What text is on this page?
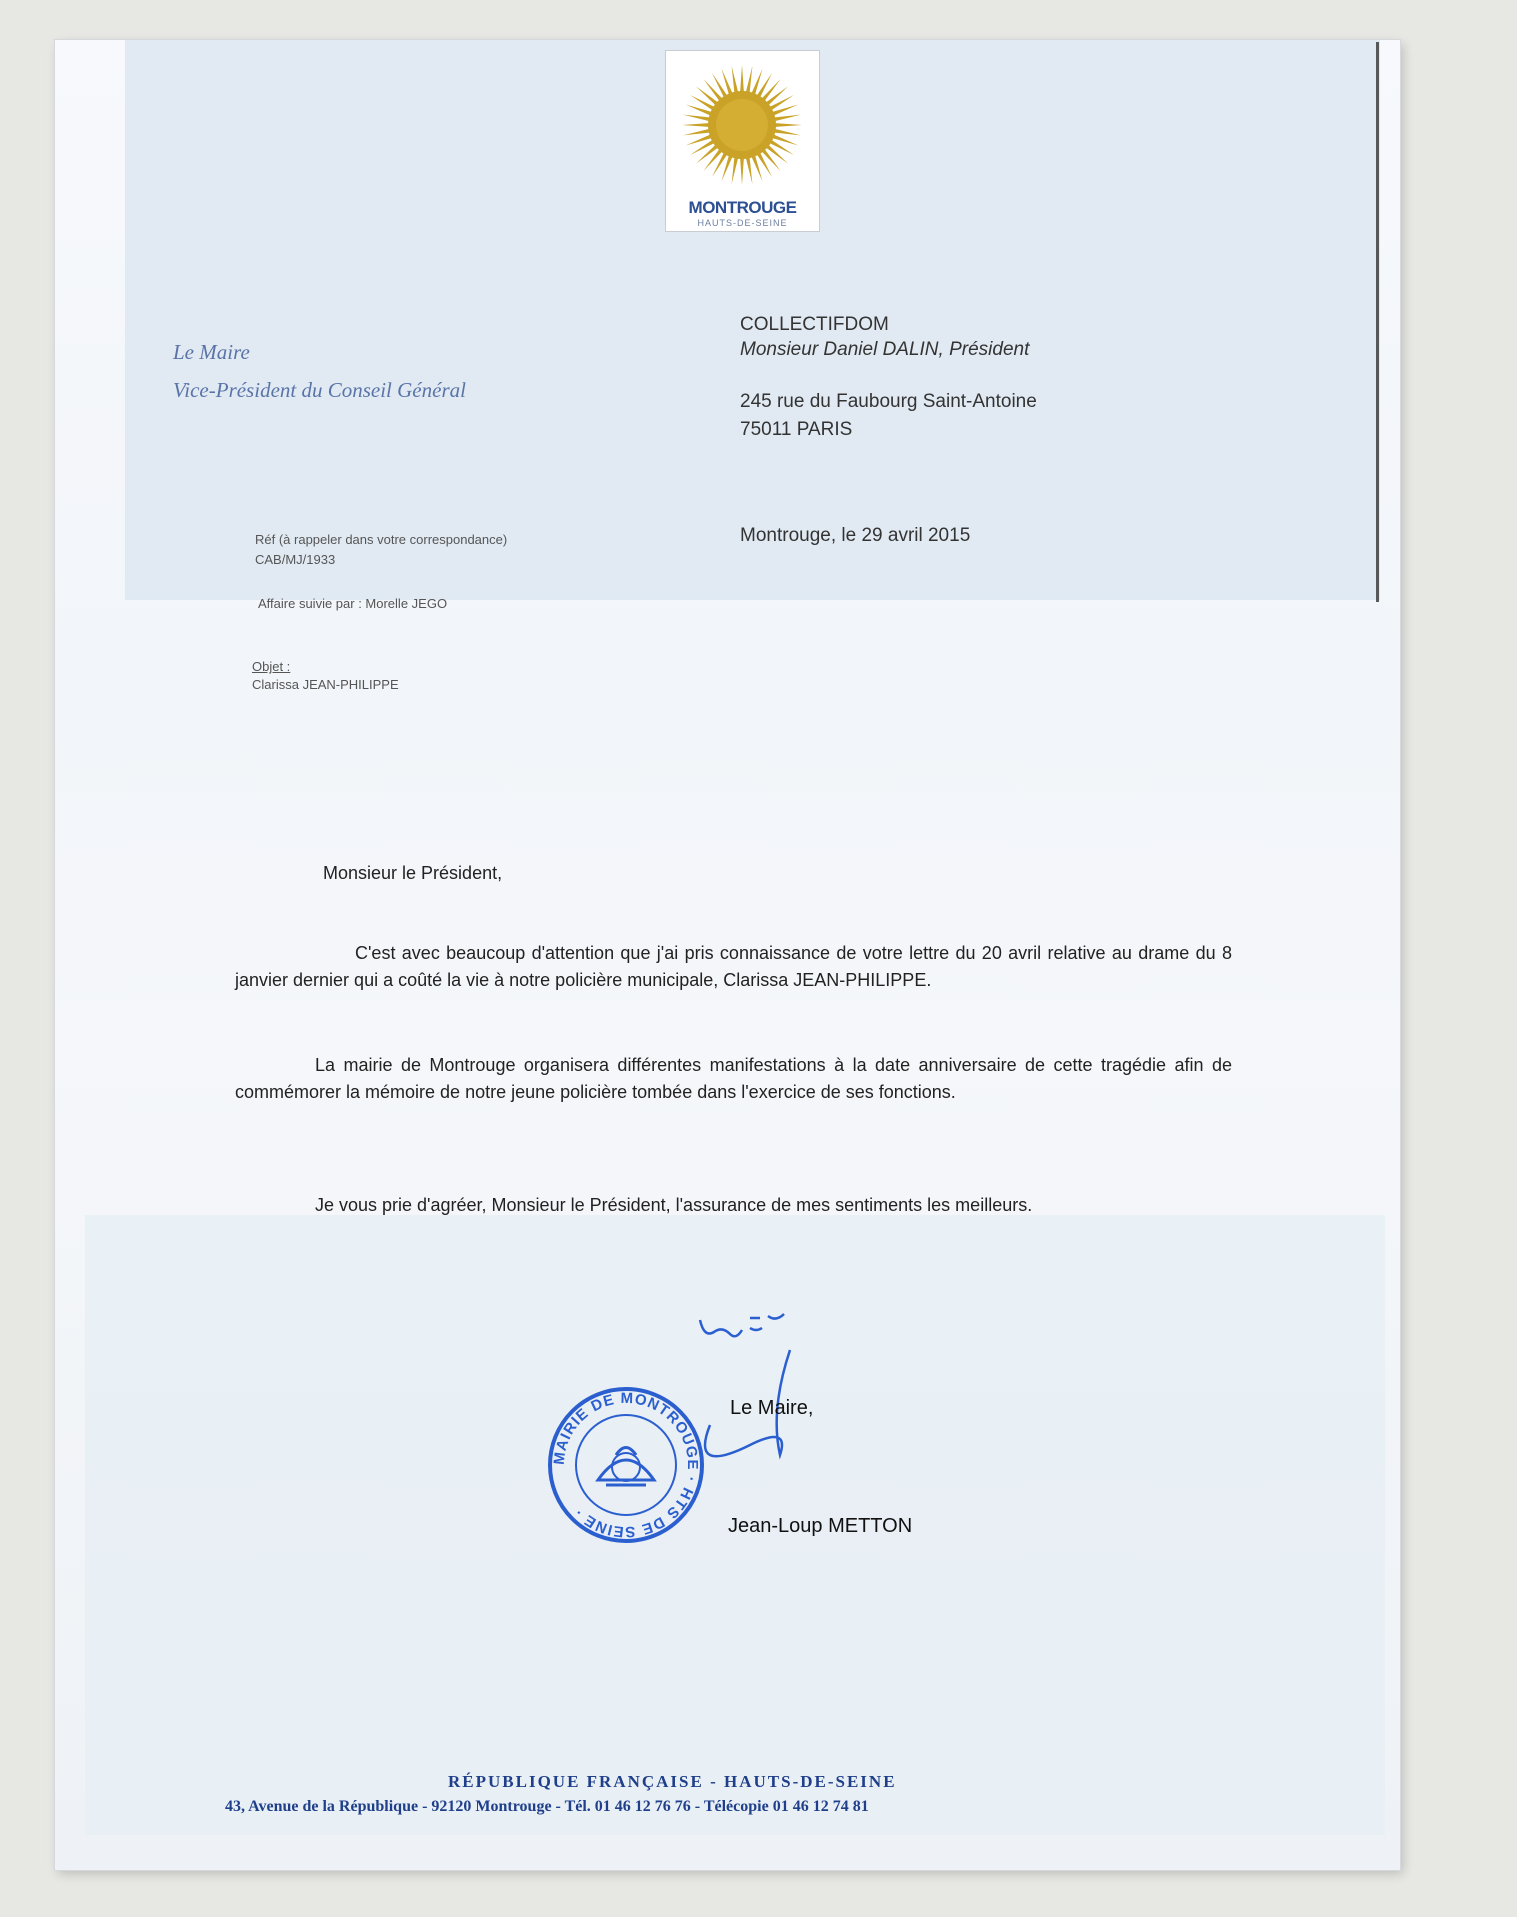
MONTROUGE
HAUTS-DE-SEINE
Le Maire
Vice-Président du Conseil Général
COLLECTIFDOM
Monsieur Daniel DALIN, Président
245 rue du Faubourg Saint-Antoine
75011 PARIS
Réf (à rappeler dans votre correspondance)
CAB/MJ/1933
Affaire suivie par : Morelle JEGO
Objet :
Clarissa JEAN-PHILIPPE
Montrouge, le 29 avril 2015
Monsieur le Président,
C'est avec beaucoup d'attention que j'ai pris connaissance de votre lettre du 20 avril relative au drame du 8 janvier dernier qui a coûté la vie à notre policière municipale, Clarissa JEAN-PHILIPPE.
La mairie de Montrouge organisera différentes manifestations à la date anniversaire de cette tragédie afin de commémorer la mémoire de notre jeune policière tombée dans l'exercice de ses fonctions.
Je vous prie d'agréer, Monsieur le Président, l'assurance de mes sentiments les meilleurs.
MAIRIE DE MONTROUGE · HTS DE SEINE ·
Le Maire,
Jean-Loup METTON
RÉPUBLIQUE FRANÇAISE - HAUTS-DE-SEINE
43, Avenue de la République - 92120 Montrouge - Tél. 01 46 12 76 76 - Télécopie 01 46 12 74 81
